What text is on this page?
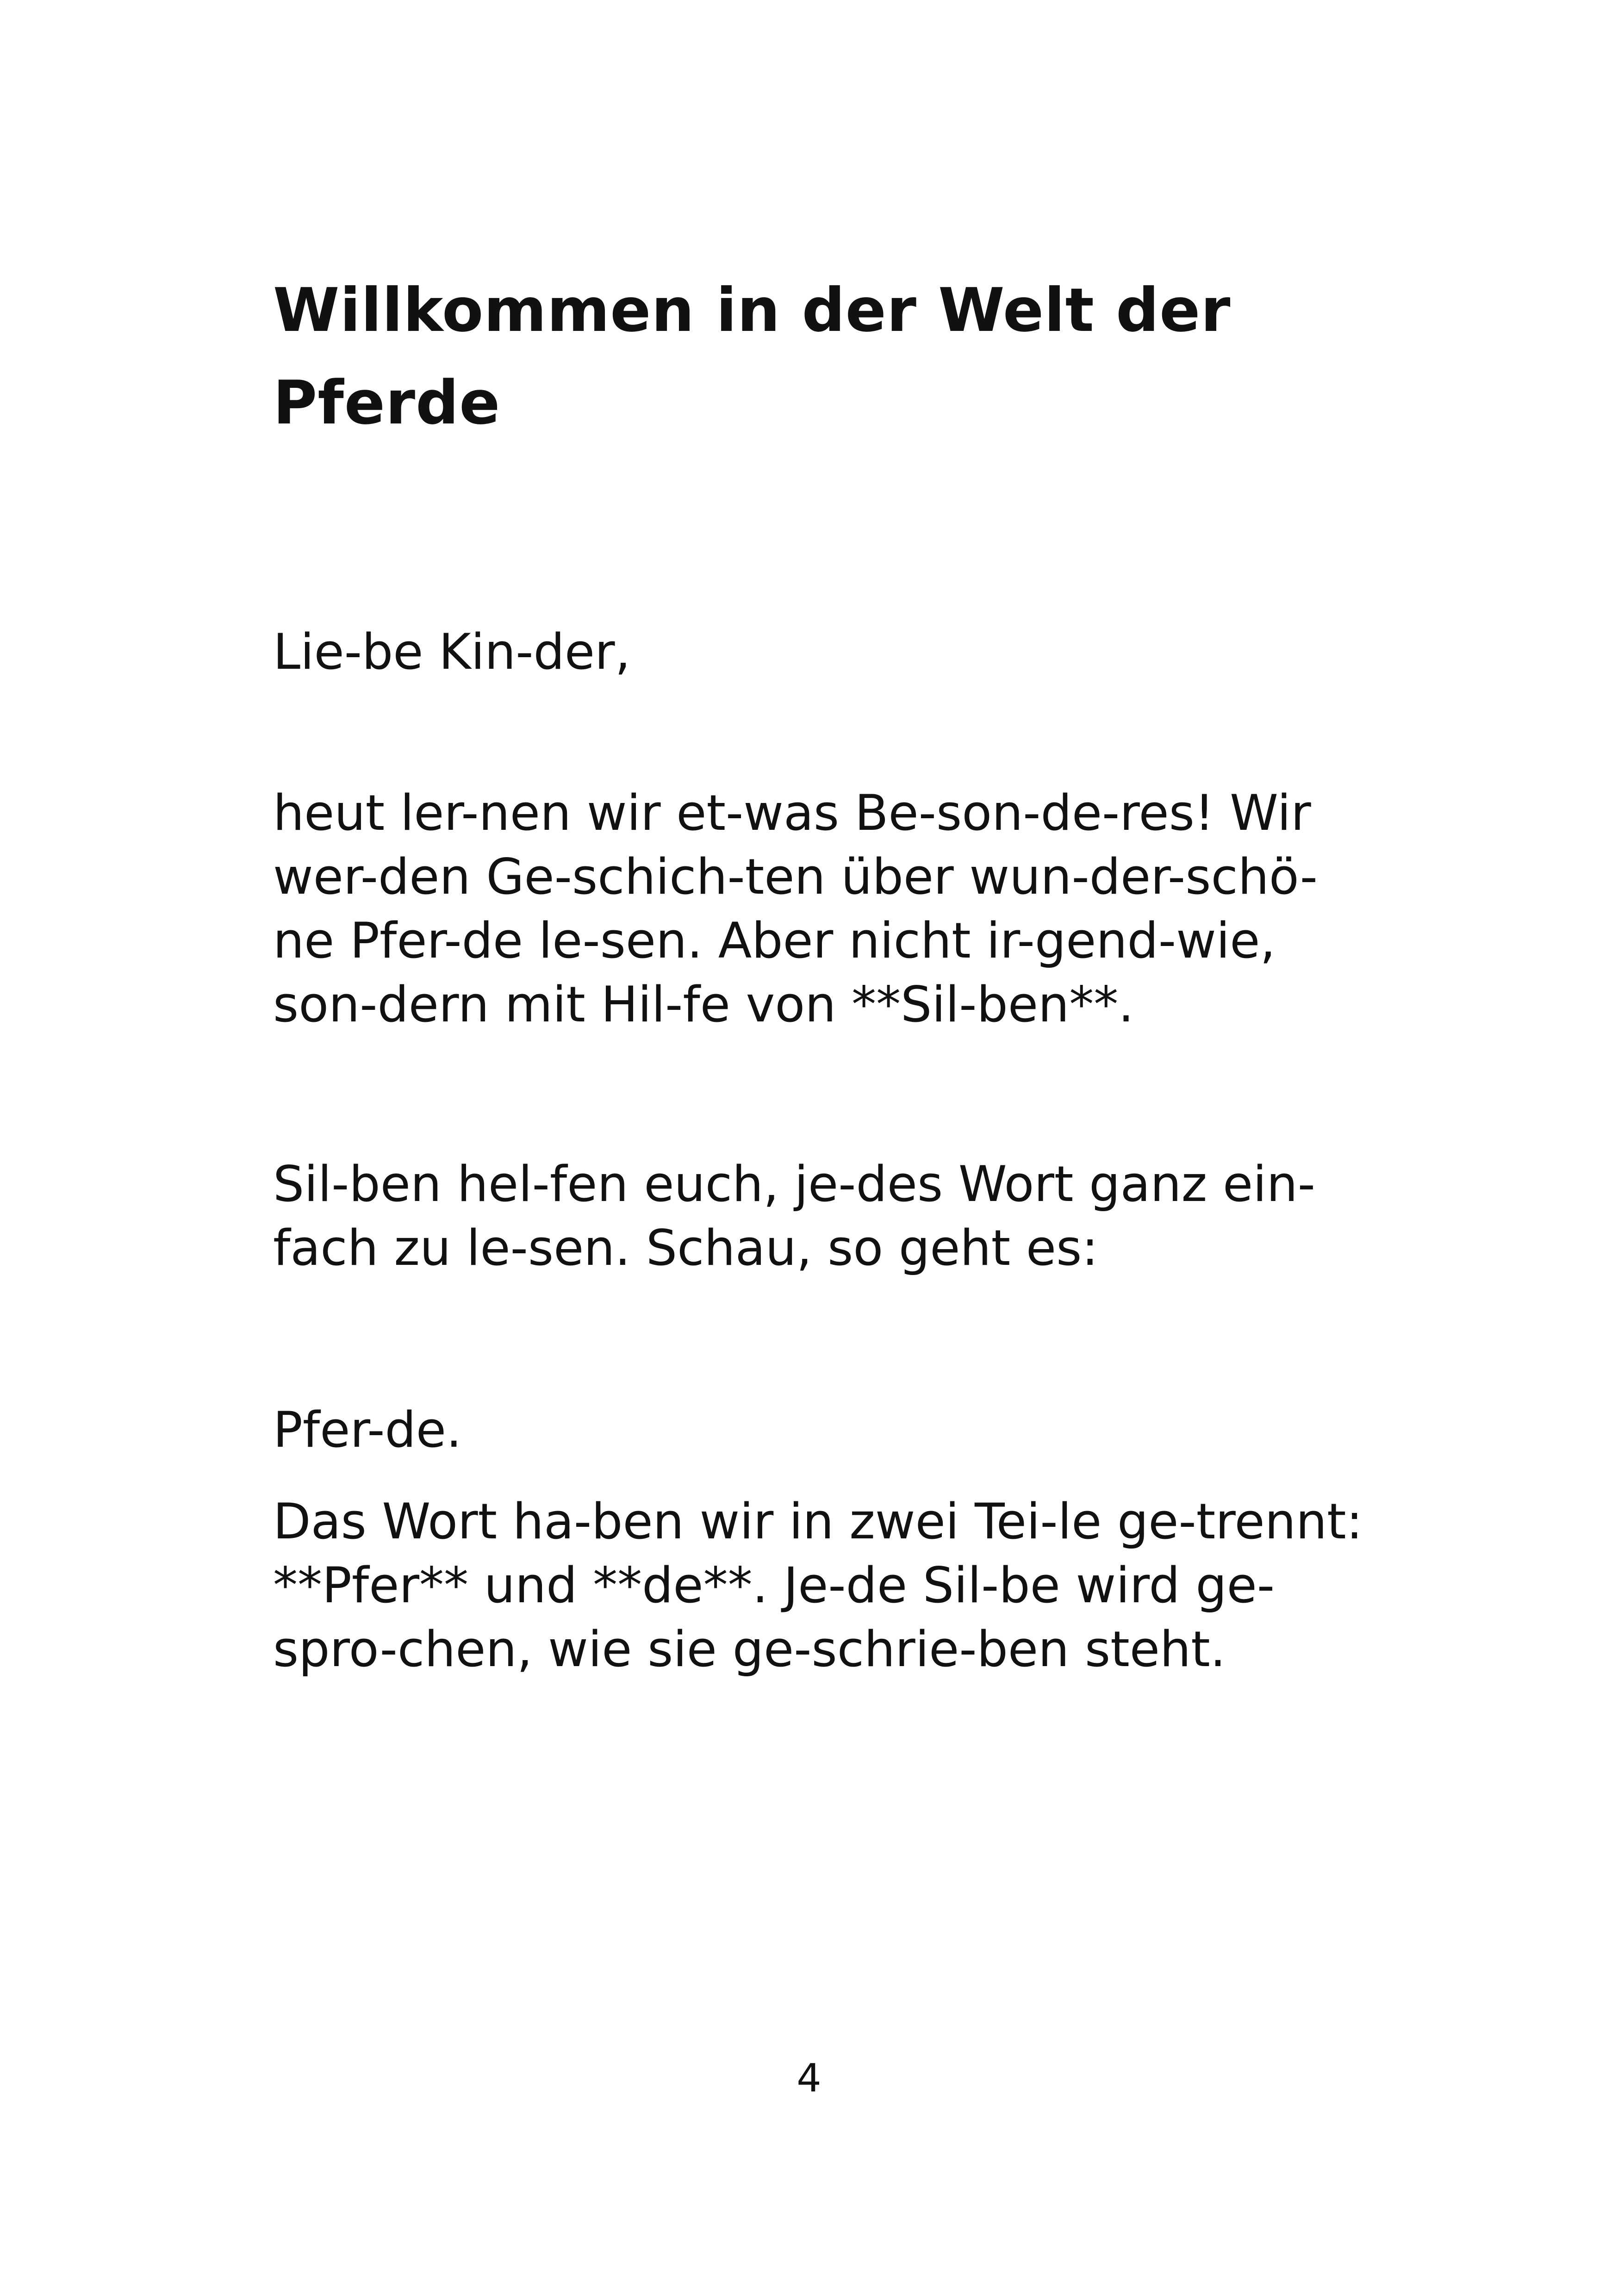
Willkommen in der Welt der Pferde

Lie-be Kin-der,

heut ler-nen wir et-was Be-son-de-res! Wir wer-den Ge-schich-ten über wun-der-schö-ne Pfer-de le-sen. Aber nicht ir-gend-wie, son-dern mit Hil-fe von **Sil-ben**.

Sil-ben hel-fen euch, je-des Wort ganz ein-fach zu le-sen. Schau, so geht es:

Pfer-de.

Das Wort ha-ben wir in zwei Tei-le ge-trennt: **Pfer** und **de**. Je-de Sil-be wird ge-spro-chen, wie sie ge-schrie-ben steht.

4
